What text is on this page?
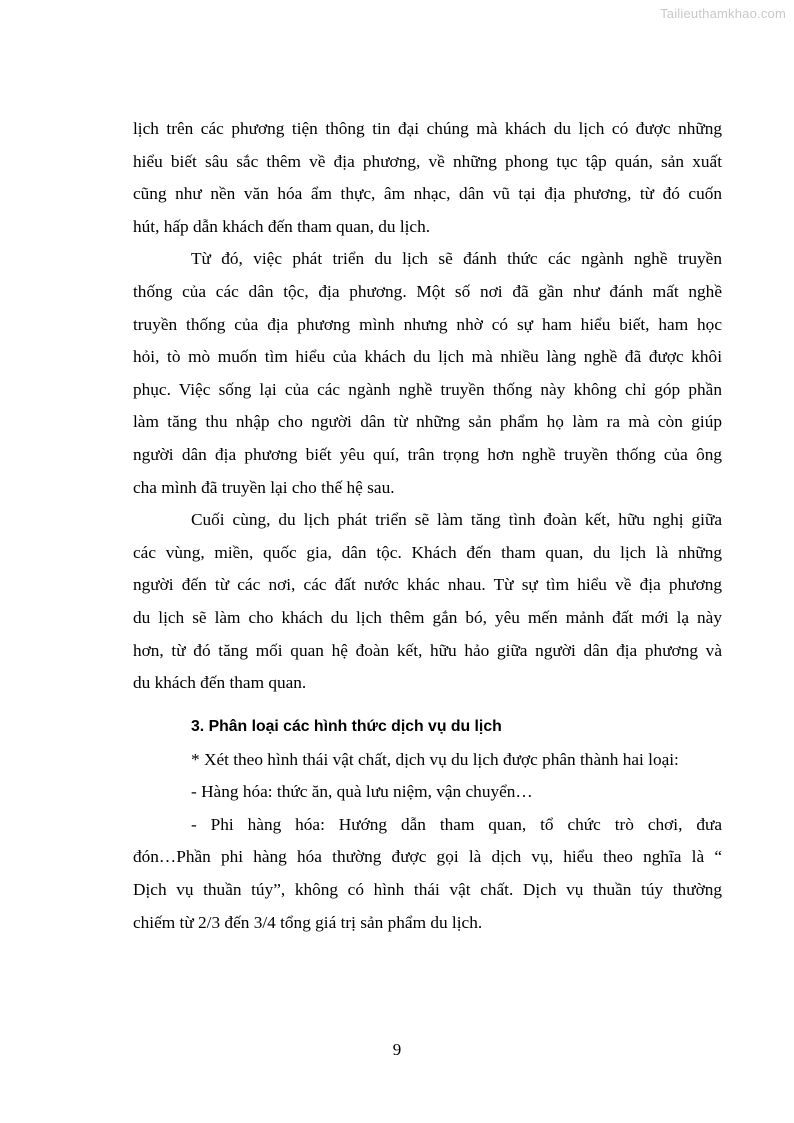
Tailieuthamkhao.com
lịch trên các phương tiện thông tin đại chúng mà khách du lịch có được những
hiểu biết sâu sắc thêm về địa phương, về những phong tục tập quán, sản xuất
cũng như nền văn hóa ẩm thực, âm nhạc, dân vũ tại địa phương, từ đó cuốn
hút, hấp dẫn khách đến tham quan, du lịch.
Từ đó, việc phát triển du lịch sẽ đánh thức các ngành nghề truyền
thống của các dân tộc, địa phương. Một số nơi đã gần như đánh mất nghề
truyền thống của địa phương mình nhưng nhờ có sự ham hiểu biết, ham học
hỏi, tò mò muốn tìm hiểu của khách du lịch mà nhiều làng nghề đã được khôi
phục. Việc sống lại của các ngành nghề truyền thống này không chỉ góp phần
làm tăng thu nhập cho người dân từ những sản phẩm họ làm ra mà còn giúp
người dân địa phương biết yêu quí, trân trọng hơn nghề truyền thống của ông
cha mình đã truyền lại cho thế hệ sau.
Cuối cùng, du lịch phát triển sẽ làm tăng tình đoàn kết, hữu nghị giữa
các vùng, miền, quốc gia, dân tộc. Khách đến tham quan, du lịch là những
người đến từ các nơi, các đất nước khác nhau. Từ sự tìm hiểu về địa phương
du lịch sẽ làm cho khách du lịch thêm gắn bó, yêu mến mảnh đất mới lạ này
hơn, từ đó tăng mối quan hệ đoàn kết, hữu hảo giữa người dân địa phương và
du khách đến tham quan.
3. Phân loại các hình thức dịch vụ du lịch
* Xét theo hình thái vật chất, dịch vụ du lịch được phân thành hai loại:
- Hàng hóa: thức ăn, quà lưu niệm, vận chuyển…
- Phi hàng hóa: Hướng dẫn tham quan, tổ chức trò chơi, đưa
đón…Phần phi hàng hóa thường được gọi là dịch vụ, hiểu theo nghĩa là “
Dịch vụ thuần túy”, không có hình thái vật chất. Dịch vụ thuần túy thường
chiếm từ 2/3 đến 3/4 tổng giá trị sản phẩm du lịch.
9
